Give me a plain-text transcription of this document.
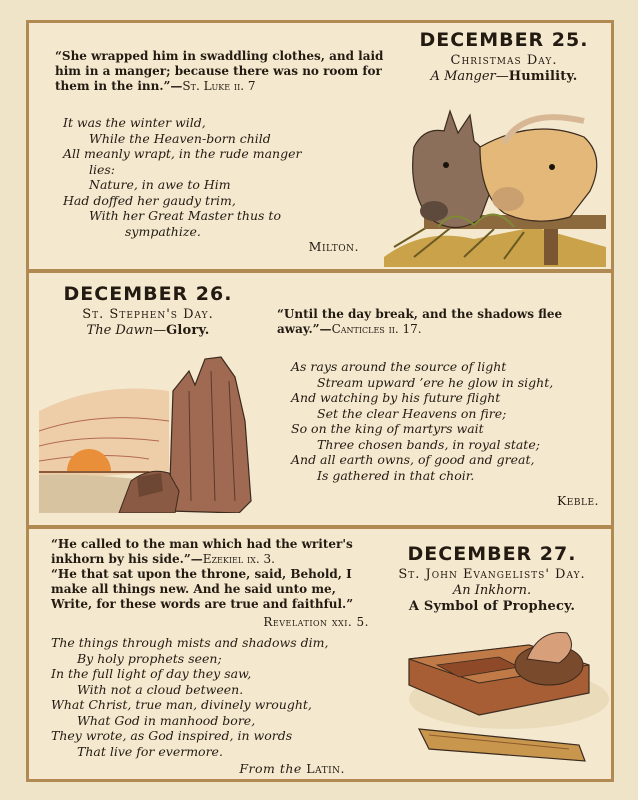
DECEMBER 25.

Christmas Day.

A Manger—Humility.

“She wrapped him in swaddling clothes, and laid him in a manger; because there was no room for them in the inn.”—St. Luke ii. 7

It was the winter wild,
While the Heaven-born child
All meanly wrapt, in the rude manger
lies:
Nature, in awe to Him
Had doffed her gaudy trim,
With her Great Master thus to
sympathize.
Milton.

DECEMBER 26.

St. Stephen's Day.

The Dawn—Glory.

“Until the day break, and the shadows flee away.”—Canticles ii. 17.

As rays around the source of light
Stream upward ’ere he glow in sight,
And watching by his future flight
Set the clear Heavens on fire;
So on the king of martyrs wait
Three chosen bands, in royal state;
And all earth owns, of good and great,
Is gathered in that choir.
Keble.

DECEMBER 27.

St. John Evangelists' Day.

An Inkhorn.

A Symbol of Prophecy.

“He called to the man which had the writer's inkhorn by his side.”—Ezekiel ix. 3.

“He that sat upon the throne, said, Behold, I make all things new. And he said unto me, Write, for these words are true and faithful.”

Revelation xxi. 5.
The things through mists and shadows dim,
By holy prophets seen;
In the full light of day they saw,
With not a cloud between.
What Christ, true man, divinely wrought,
What God in manhood bore,
They wrote, as God inspired, in words
That live for evermore.
From the Latin.
